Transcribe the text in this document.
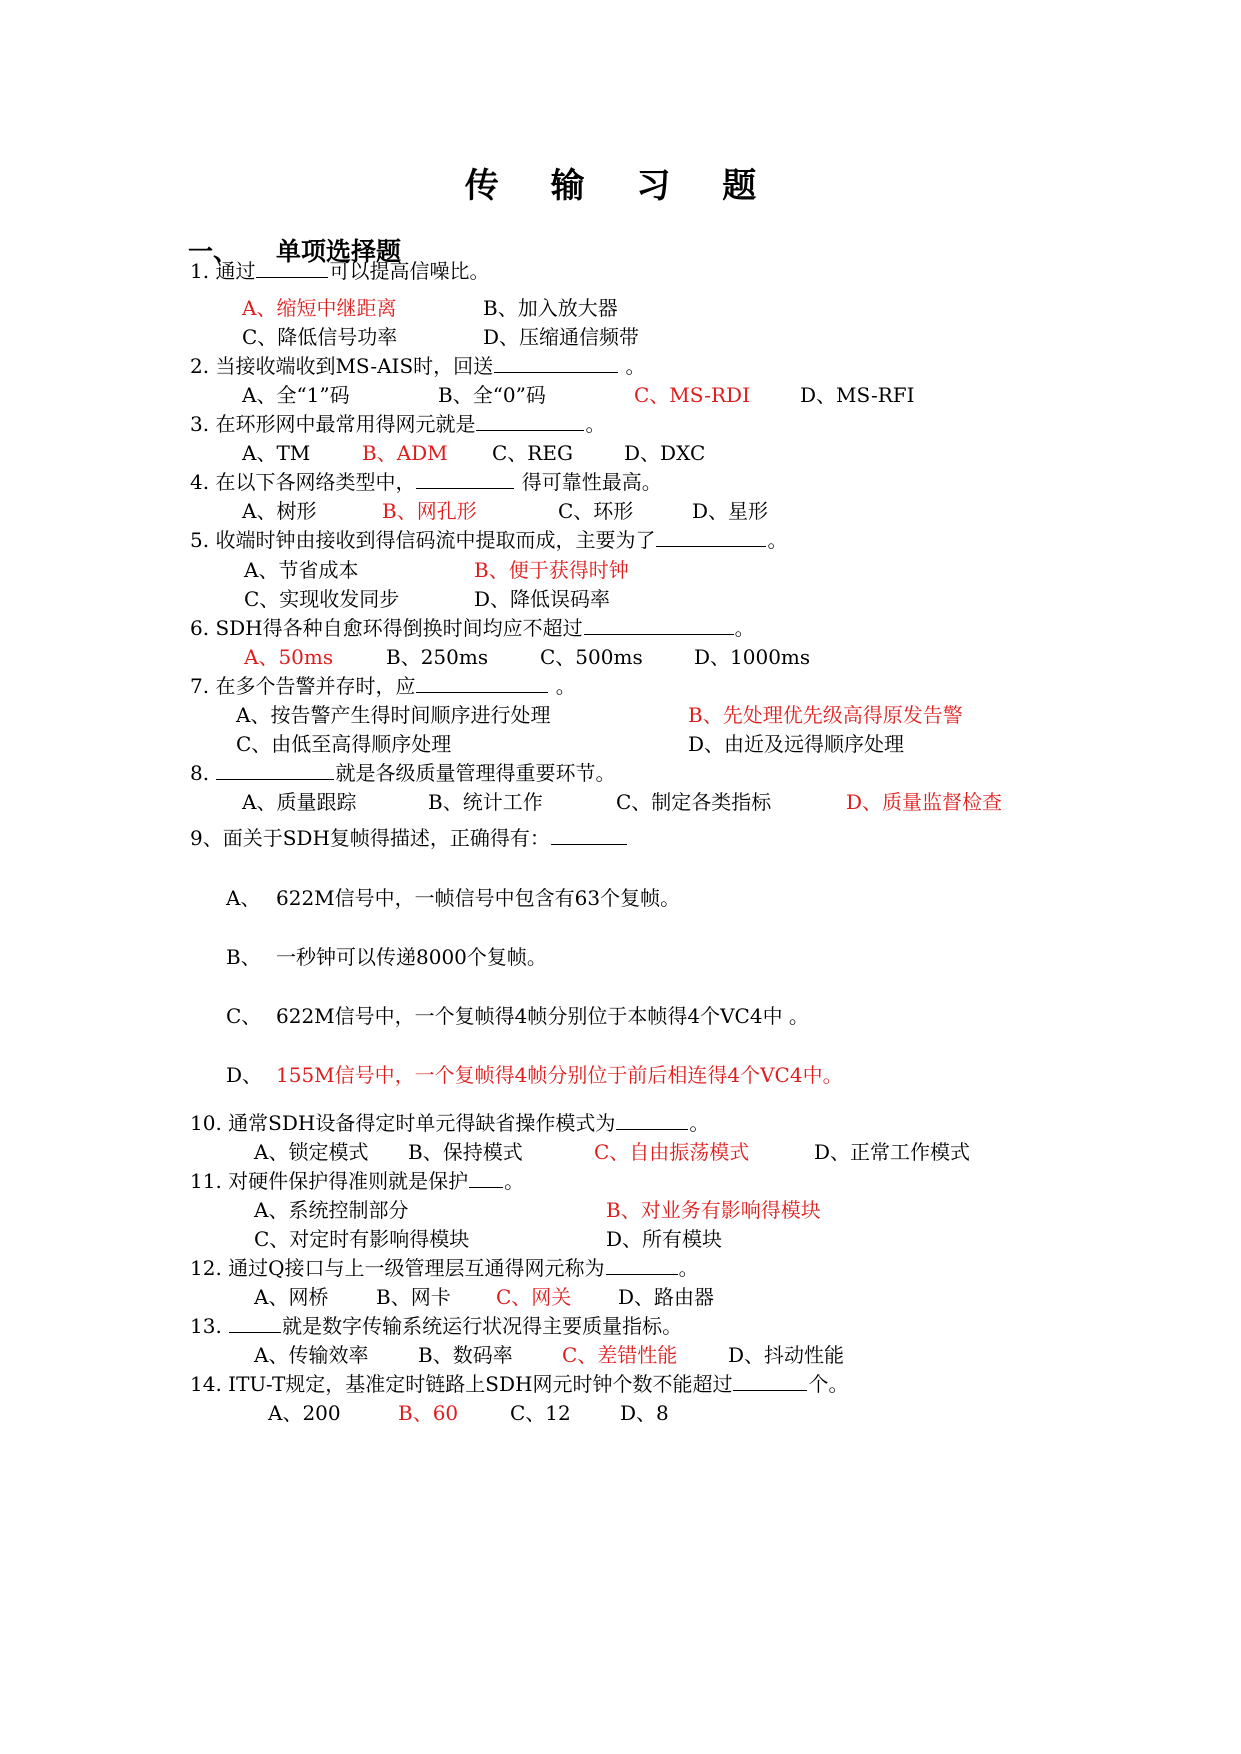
传 输 习 题
一、 单项选择题
1. 通过	可以提高信噪比。
A、缩短中继距离	B、加入放大器
C、降低信号功率	D、压缩通信频带
2. 当接收端收到MS-AIS时，回送	。
A、全“1”码	B、全“0”码	C、MS-RDI	D、MS-RFI
3. 在环形网中最常用得网元就是	。
A、TM	B、ADM C、REG	D、DXC
4. 在以下各网络类型中，	得可靠性最高。
A、树形	B、网孔形	C、环形	D、星形
5. 收端时钟由接收到得信码流中提取而成，主要为了	。
A、节省成本	B、便于获得时钟
C、实现收发同步	D、降低误码率
6. SDH得各种自愈环得倒换时间均应不超过	。
A、50ms	B、250ms	C、500ms	D、1000ms
7. 在多个告警并存时，应	。
A、按告警产生得时间顺序进行处理	B、先处理优先级高得原发告警
C、由低至高得顺序处理	D、由近及远得顺序处理
8.	就是各级质量管理得重要环节。
A、质量跟踪	B、统计工作	C、制定各类指标	D、质量监督检查
9、面关于SDH复帧得描述，正确得有：
A、 622M信号中，一帧信号中包含有63个复帧。
B、 一秒钟可以传递8000个复帧。
C、 622M信号中，一个复帧得4帧分别位于本帧得4个VC4中 。
D、 155M信号中，一个复帧得4帧分别位于前后相连得4个VC4中。
10. 通常SDH设备得定时单元得缺省操作模式为	。
A、锁定模式 B、保持模式	C、自由振荡模式	D、正常工作模式
11. 对硬件保护得准则就是保护 。
A、系统控制部分	B、对业务有影响得模块
C、对定时有影响得模块	D、所有模块
12. 通过Q接口与上一级管理层互通得网元称为	。
A、网桥 B、网卡 C、网关 D、路由器
13.	就是数字传输系统运行状况得主要质量指标。
A、传输效率 B、数码率 C、差错性能	D、抖动性能
14. ITU-T规定，基准定时链路上SDH网元时钟个数不能超过	个。
A、200	B、60	C、12 D、8
